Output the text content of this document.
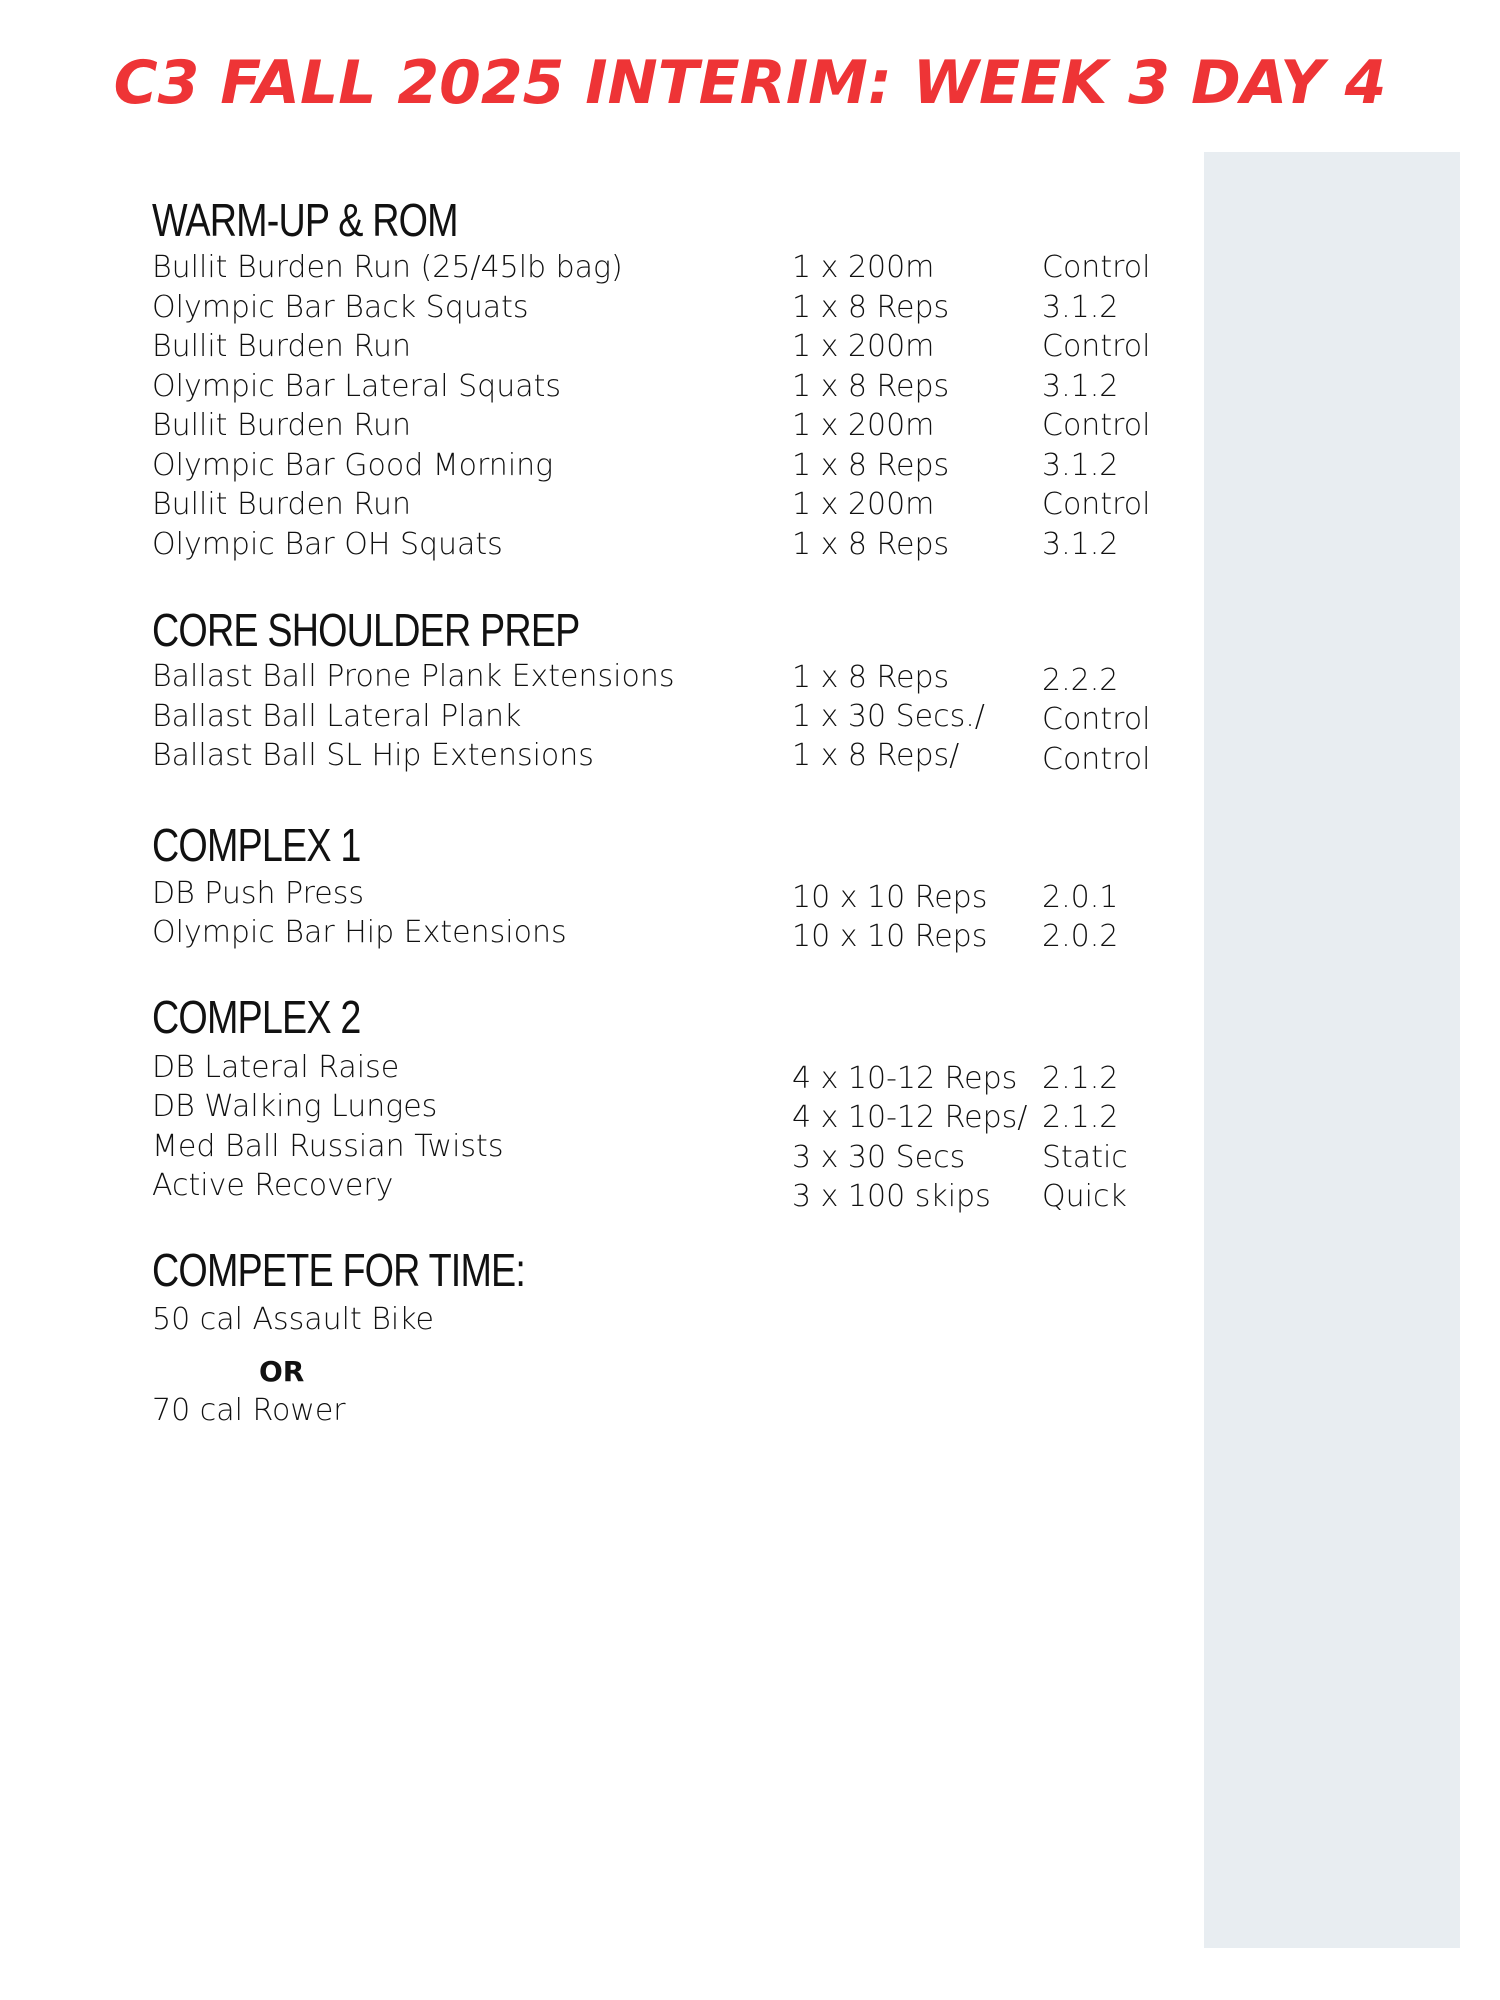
C3 FALL 2025 INTERIM: WEEK 3 DAY 4
WARM-UP & ROM
Bullit Burden Run (25/45lb bag)	1 x 200m	Control
Olympic Bar Back Squats	1 x 8 Reps	3.1.2
Bullit Burden Run	1 x 200m	Control
Olympic Bar Lateral Squats	1 x 8 Reps	3.1.2
Bullit Burden Run	1 x 200m	Control
Olympic Bar Good Morning	1 x 8 Reps	3.1.2
Bullit Burden Run	1 x 200m	Control
Olympic Bar OH Squats	1 x 8 Reps	3.1.2
CORE SHOULDER PREP
Ballast Ball Prone Plank Extensions	1 x 8 Reps	2.2.2
Ballast Ball Lateral Plank	1 x 30 Secs./ Control
Ballast Ball SL Hip Extensions	1 x 8 Reps/	Control
COMPLEX 1
DB Push Press	10 x 10 Reps 2.0.1
Olympic Bar Hip Extensions	10 x 10 Reps 2.0.2
COMPLEX 2
DB Lateral Raise	4 x 10-12 Reps 2.1.2
DB Walking Lunges	4 x 10-12 Reps/ 2.1.2
Med Ball Russian Twists	3 x 30 Secs	Static
Active Recovery	3 x 100 skips Quick
COMPETE FOR TIME:
50 cal Assault Bike
OR
70 cal Rower
